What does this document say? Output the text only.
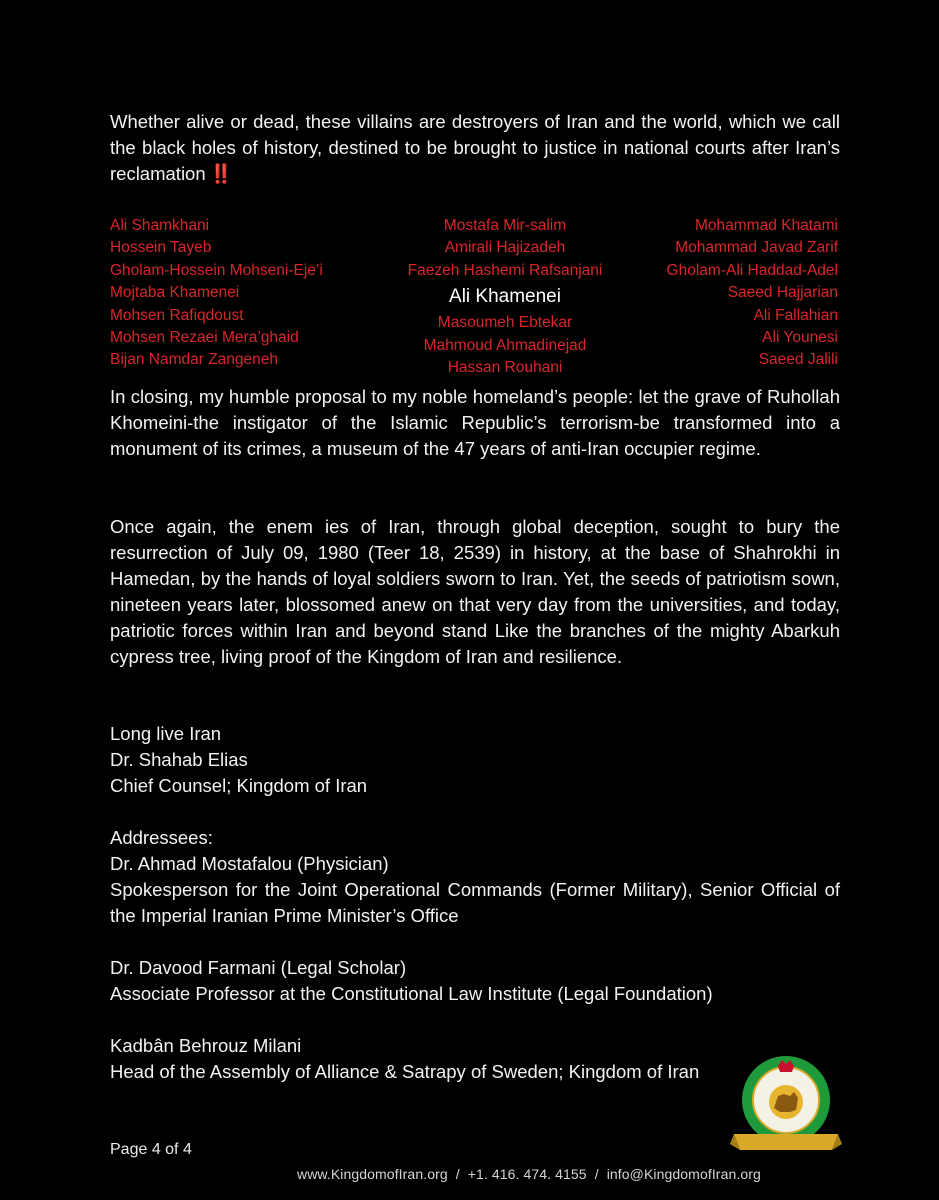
Whether alive or dead, these villains are destroyers of Iran and the world, which we call the black holes of history, destined to be brought to justice in national courts after Iran’s reclamation ‼️
Ali Shamkhani
Hossein Tayeb
Gholam-Hossein Mohseni-Eje’i
Mojtaba Khamenei
Mohsen Rafiqdoust
Mohsen Rezaei Mera’ghaid
Bijan Namdar Zangeneh
Mostafa Mir-salim
Amirali Hajizadeh
Faezeh Hashemi Rafsanjani
Ali Khamenei
Masoumeh Ebtekar
Mahmoud Ahmadinejad
Hassan Rouhani
Mohammad Khatami
Mohammad Javad Zarif
Gholam-Ali Haddad-Adel
Saeed Hajjarian
Ali Fallahian
Ali Younesi
Saeed Jalili
In closing, my humble proposal to my noble homeland’s people: let the grave of Ruhollah Khomeini-the instigator of the Islamic Republic’s terrorism-be transformed into a monument of its crimes, a museum of the 47 years of anti-Iran occupier regime.
Once again, the enem ies of Iran, through global deception, sought to bury the resurrection of July 09, 1980 (Teer 18, 2539) in history, at the base of Shahrokhi in Hamedan, by the hands of loyal soldiers sworn to Iran. Yet, the seeds of patriotism sown, nineteen years later, blossomed anew on that very day from the universities, and today, patriotic forces within Iran and beyond stand Like the branches of the mighty Abarkuh cypress tree, living proof of the Kingdom of Iran and resilience.
Long live Iran
Dr. Shahab Elias
Chief Counsel; Kingdom of Iran
Addressees:
Dr. Ahmad Mostafalou (Physician)
Spokesperson for the Joint Operational Commands (Former Military), Senior Official of the Imperial Iranian Prime Minister’s Office
Dr. Davood Farmani (Legal Scholar)
Associate Professor at the Constitutional Law Institute (Legal Foundation)
Kadbân Behrouz Milani
Head of the Assembly of Alliance & Satrapy of Sweden; Kingdom of Iran
Page 4 of 4
www.KingdomofIran.org / +1. 416. 474. 4155 / info@KingdomofIran.org
